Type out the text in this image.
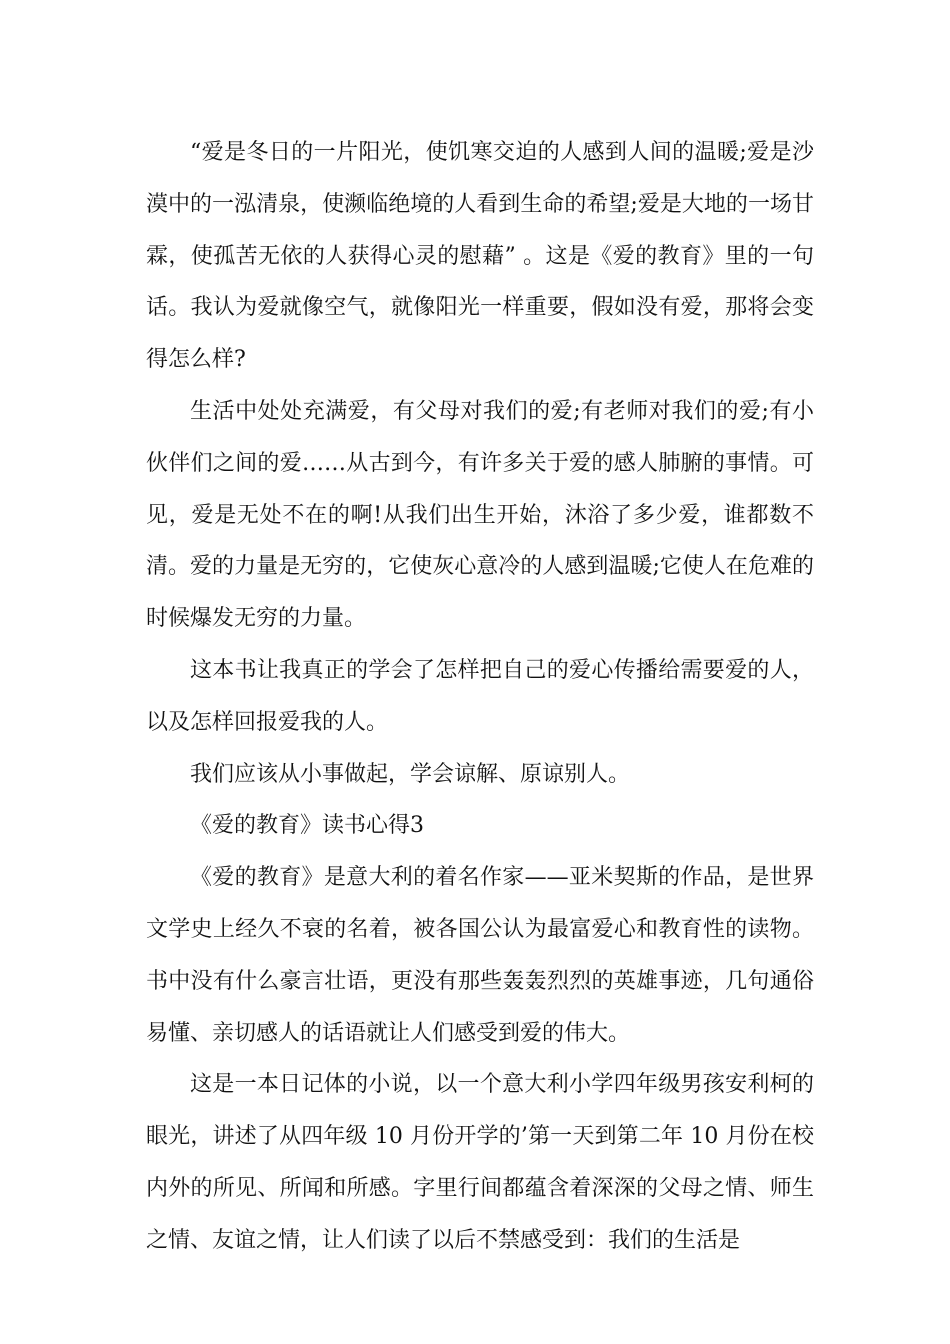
“爱是冬日的一片阳光，使饥寒交迫的人感到人间的温暖;爱是沙漠中的一泓清泉，使濒临绝境的人看到生命的希望;爱是大地的一场甘霖，使孤苦无依的人获得心灵的慰藉” 。这是《爱的教育》里的一句话。我认为爱就像空气，就像阳光一样重要，假如没有爱，那将会变得怎么样?

生活中处处充满爱，有父母对我们的爱;有老师对我们的爱;有小伙伴们之间的爱……从古到今，有许多关于爱的感人肺腑的事情。可见，爱是无处不在的啊!从我们出生开始，沐浴了多少爱，谁都数不清。爱的力量是无穷的，它使灰心意冷的人感到温暖;它使人在危难的时候爆发无穷的力量。

这本书让我真正的学会了怎样把自己的爱心传播给需要爱的人，以及怎样回报爱我的人。

我们应该从小事做起，学会谅解、原谅别人。

《爱的教育》读书心得3

《爱的教育》是意大利的着名作家——亚米契斯的作品，是世界文学史上经久不衰的名着，被各国公认为最富爱心和教育性的读物。书中没有什么豪言壮语，更没有那些轰轰烈烈的英雄事迹，几句通俗易懂、亲切感人的话语就让人们感受到爱的伟大。

这是一本日记体的小说，以一个意大利小学四年级男孩安利柯的眼光，讲述了从四年级 10 月份开学的’第一天到第二年 10 月份在校内外的所见、所闻和所感。字里行间都蕴含着深深的父母之情、师生之情、友谊之情，让人们读了以后不禁感受到：我们的生活是
